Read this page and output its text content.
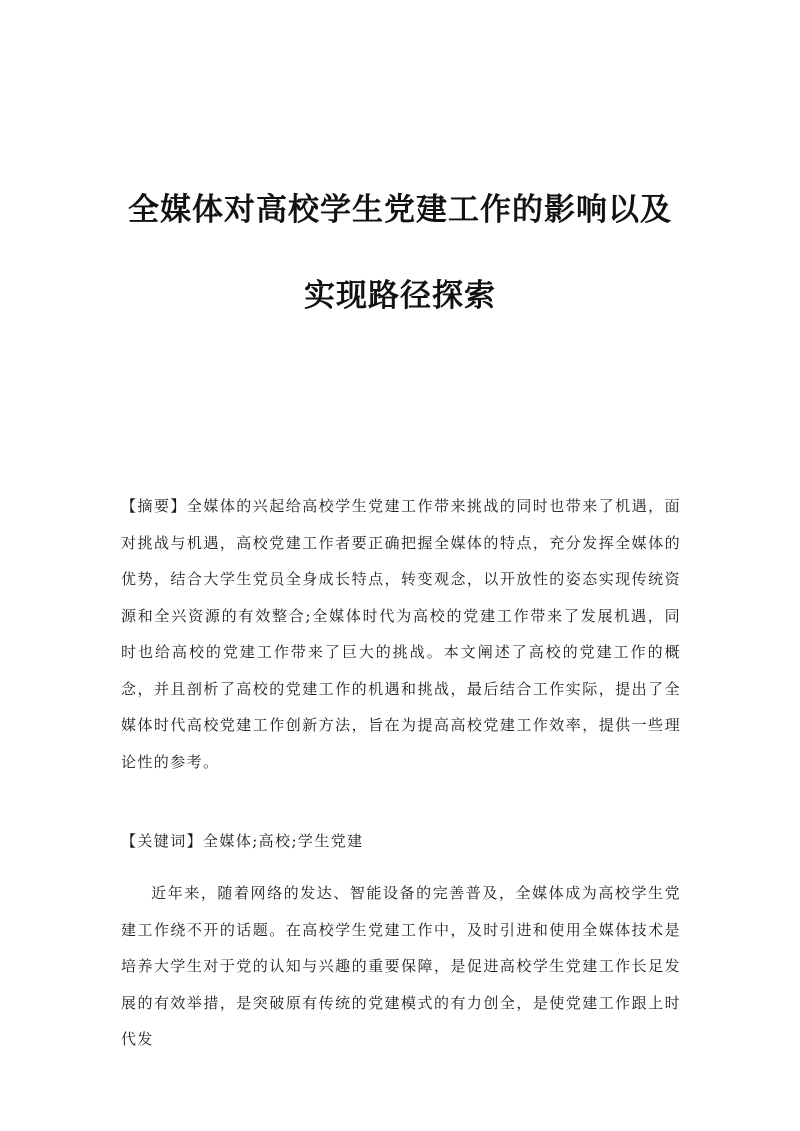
全媒体对高校学生党建工作的影响以及
实现路径探索
【摘要】全媒体的兴起给高校学生党建工作带来挑战的同时也带来了机遇，面对挑战与机遇，高校党建工作者要正确把握全媒体的特点，充分发挥全媒体的优势，结合大学生党员全身成长特点，转变观念，以开放性的姿态实现传统资源和全兴资源的有效整合;全媒体时代为高校的党建工作带来了发展机遇，同时也给高校的党建工作带来了巨大的挑战。本文阐述了高校的党建工作的概念，并且剖析了高校的党建工作的机遇和挑战，最后结合工作实际，提出了全媒体时代高校党建工作创新方法，旨在为提高高校党建工作效率，提供一些理论性的参考。
【关键词】全媒体;高校;学生党建
近年来，随着网络的发达、智能设备的完善普及，全媒体成为高校学生党建工作绕不开的话题。在高校学生党建工作中，及时引进和使用全媒体技术是培养大学生对于党的认知与兴趣的重要保障，是促进高校学生党建工作长足发展的有效举措，是突破原有传统的党建模式的有力创全，是使党建工作跟上时代发
